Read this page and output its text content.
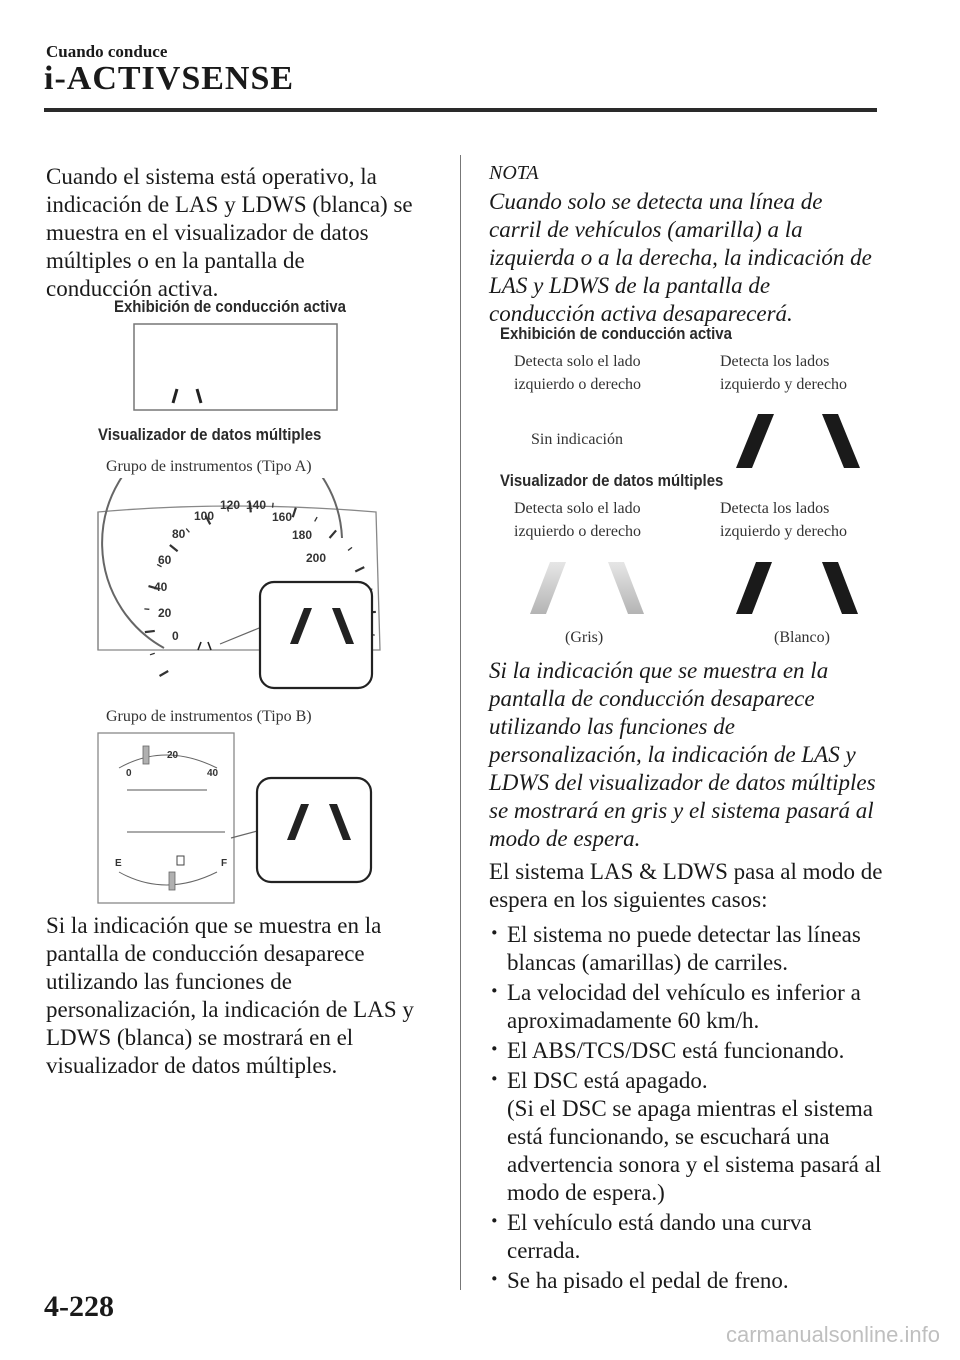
Cuando conduce
i-ACTIVSENSE

Cuando el sistema está operativo, la indicación de LAS y LDWS (blanca) se muestra en el visualizador de datos múltiples o en la pantalla de conducción activa.

Exhibición de conducción activa
Visualizador de datos múltiples
Grupo de instrumentos (Tipo A)
0
20
40
60
80
100
120 140
160
180
200
Grupo de instrumentos (Tipo B)
0
20
40
E	F

Si la indicación que se muestra en la pantalla de conducción desaparece utilizando las funciones de personalización, la indicación de LAS y LDWS (blanca) se mostrará en el visualizador de datos múltiples.

NOTA

Cuando solo se detecta una línea de carril de vehículos (amarilla) a la izquierda o a la derecha, la indicación de LAS y LDWS de la pantalla de conducción activa desaparecerá.

Exhibición de conducción activa
Detecta solo el lado izquierdo o derecho
Detecta los lados izquierdo y derecho
Sin indicación
Visualizador de datos múltiples
Detecta solo el lado izquierdo o derecho
Detecta los lados izquierdo y derecho
(Gris)	(Blanco)

Si la indicación que se muestra en la pantalla de conducción desaparece utilizando las funciones de personalización, la indicación de LAS y LDWS del visualizador de datos múltiples se mostrará en gris y el sistema pasará al modo de espera.

El sistema LAS & LDWS pasa al modo de espera en los siguientes casos:

· El sistema no puede detectar las líneas blancas (amarillas) de carriles.
· La velocidad del vehículo es inferior a aproximadamente 60 km/h.
· El ABS/TCS/DSC está funcionando.
· El DSC está apagado.
(Si el DSC se apaga mientras el sistema está funcionando, se escuchará una advertencia sonora y el sistema pasará al modo de espera.)
· El vehículo está dando una curva cerrada.
· Se ha pisado el pedal de freno.
4-228
carmanualsonline.info
